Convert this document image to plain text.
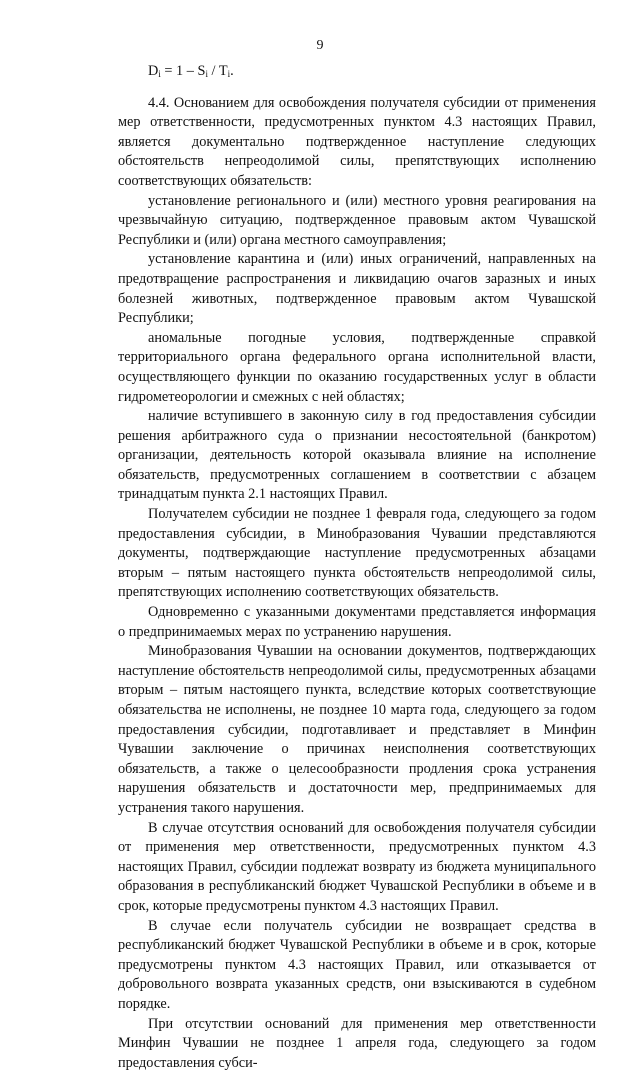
9
$D_i = 1 - S_i / T_i$.

4.4. Основанием для освобождения получателя субсидии от применения мер ответственности, предусмотренных пунктом 4.3 настоящих Правил, является документально подтвержденное наступление следующих обстоятельств непреодолимой силы, препятствующих исполнению соответствующих обязательств:

установление регионального и (или) местного уровня реагирования на чрезвычайную ситуацию, подтвержденное правовым актом Чувашской Республики и (или) органа местного самоуправления;

установление карантина и (или) иных ограничений, направленных на предотвращение распространения и ликвидацию очагов заразных и иных болезней животных, подтвержденное правовым актом Чувашской Республики;

аномальные погодные условия, подтвержденные справкой территориального органа федерального органа исполнительной власти, осуществляющего функции по оказанию государственных услуг в области гидрометеорологии и смежных с ней областях;

наличие вступившего в законную силу в год предоставления субсидии решения арбитражного суда о признании несостоятельной (банкротом) организации, деятельность которой оказывала влияние на исполнение обязательств, предусмотренных соглашением в соответствии с абзацем тринадцатым пункта 2.1 настоящих Правил.

Получателем субсидии не позднее 1 февраля года, следующего за годом предоставления субсидии, в Минобразования Чувашии представляются документы, подтверждающие наступление предусмотренных абзацами вторым – пятым настоящего пункта обстоятельств непреодолимой силы, препятствующих исполнению соответствующих обязательств.

Одновременно с указанными документами представляется информация о предпринимаемых мерах по устранению нарушения.

Минобразования Чувашии на основании документов, подтверждающих наступление обстоятельств непреодолимой силы, предусмотренных абзацами вторым – пятым настоящего пункта, вследствие которых соответствующие обязательства не исполнены, не позднее 10 марта года, следующего за годом предоставления субсидии, подготавливает и представляет в Минфин Чувашии заключение о причинах неисполнения соответствующих обязательств, а также о целесообразности продления срока устранения нарушения обязательств и достаточности мер, предпринимаемых для устранения такого нарушения.

В случае отсутствия оснований для освобождения получателя субсидии от применения мер ответственности, предусмотренных пунктом 4.3 настоящих Правил, субсидии подлежат возврату из бюджета муниципального образования в республиканский бюджет Чувашской Республики в объеме и в срок, которые предусмотрены пунктом 4.3 настоящих Правил.

В случае если получатель субсидии не возвращает средства в республиканский бюджет Чувашской Республики в объеме и в срок, которые предусмотрены пунктом 4.3 настоящих Правил, или отказывается от добровольного возврата указанных средств, они взыскиваются в судебном порядке.

При отсутствии оснований для применения мер ответственности Минфин Чувашии не позднее 1 апреля года, следующего за годом предоставления субси-
